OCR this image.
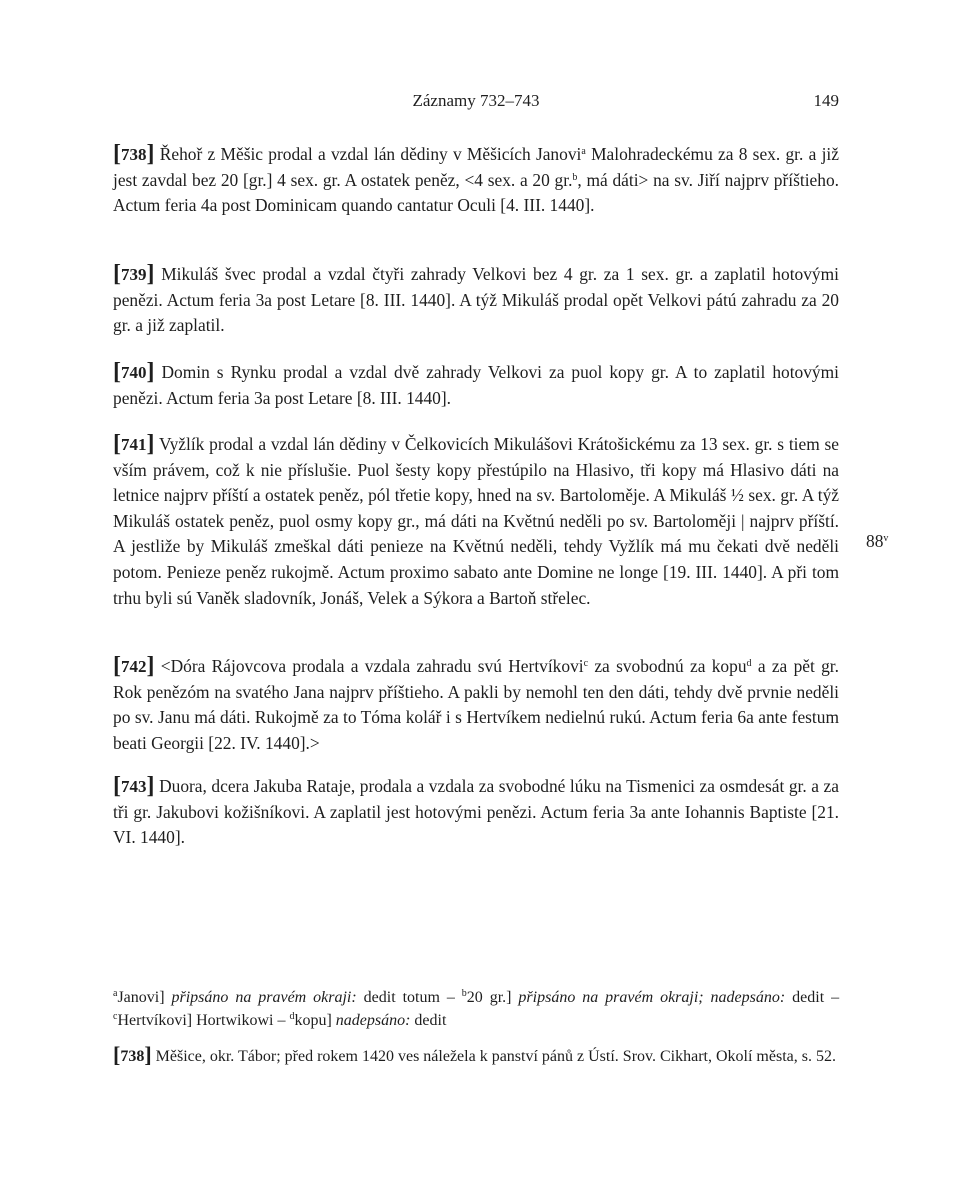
Záznamy 732–743	149
[738] Řehoř z Měšic prodal a vzdal lán dědiny v Měšicích Janovi$^a$ Malohradeckému za 8 sex. gr. a již jest zavdal bez 20 [gr.] 4 sex. gr. A ostatek peněz, <4 sex. a 20 gr.$^b$, má dáti> na sv. Jiří najprv příštieho. Actum feria 4a post Dominicam quando cantatur Oculi [4. III. 1440].
[739] Mikuláš švec prodal a vzdal čtyři zahrady Velkovi bez 4 gr. za 1 sex. gr. a zaplatil hotovými penězi. Actum feria 3a post Letare [8. III. 1440]. A týž Mikuláš prodal opět Velkovi pátú zahradu za 20 gr. a již zaplatil.
[740] Domin s Rynku prodal a vzdal dvě zahrady Velkovi za puol kopy gr. A to zaplatil hotovými penězi. Actum feria 3a post Letare [8. III. 1440].
[741] Vyžlík prodal a vzdal lán dědiny v Čelkovicích Mikulášovi Krátošickému za 13 sex. gr. s tiem se vším právem, což k nie příslušie. Puol šesty kopy přestúpilo na Hlasivo, tři kopy má Hlasivo dáti na letnice najprv příští a ostatek peněz, pól třetie kopy, hned na sv. Bartoloměje. A Mikuláš ½ sex. gr. A týž Mikuláš ostatek peněz, puol osmy kopy gr., má dáti na Květnú neděli po sv. Bartoloměji | najprv příští. A jestliže by Mikuláš zmeškal dáti penieze na Květnú neděli, tehdy Vyžlík má mu čekati dvě neděli potom. Penieze peněz rukojmě. Actum proximo sabato ante Domine ne longe [19. III. 1440]. A při tom trhu byli sú Vaněk sladovník, Jonáš, Velek a Sýkora a Bartoň střelec.
88$^v$
[742] <Dóra Rájovcova prodala a vzdala zahradu svú Hertvíkovi$^c$ za svobodnú za kopu$^d$ a za pět gr. Rok penězóm na svatého Jana najprv příštieho. A pakli by nemohl ten den dáti, tehdy dvě prvnie neděli po sv. Janu má dáti. Rukojmě za to Tóma kolář i s Hertvíkem nedielnú rukú. Actum feria 6a ante festum beati Georgii [22. IV. 1440].>
[743] Duora, dcera Jakuba Rataje, prodala a vzdala za svobodné lúku na Tismenici za osmdesát gr. a za tři gr. Jakubovi kožišníkovi. A zaplatil jest hotovými penězi. Actum feria 3a ante Iohannis Baptiste [21. VI. 1440].
$^a$Janovi] připsáno na pravém okraji: dedit totum – $^b$20 gr.] připsáno na pravém okraji; nadepsáno: dedit – $^c$Hertvíkovi] Hortwikowi – $^d$kopu] nadepsáno: dedit
[738] Měšice, okr. Tábor; před rokem 1420 ves náležela k panství pánů z Ústí. Srov. Cikhart, Okolí města, s. 52.
